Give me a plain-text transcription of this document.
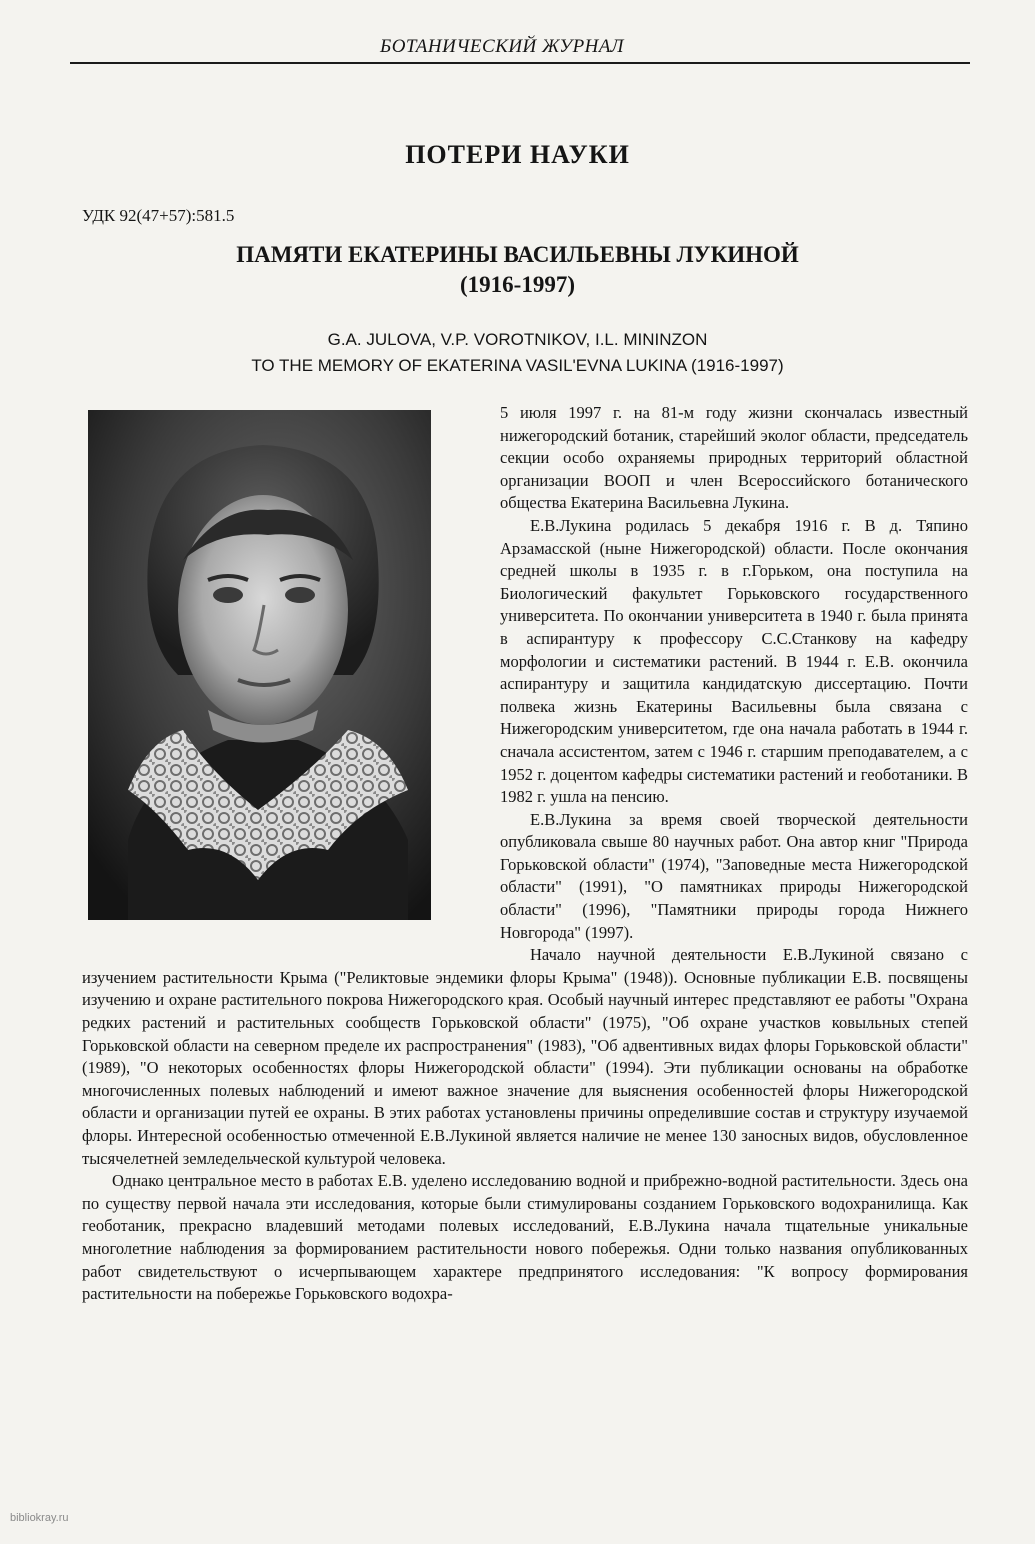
БОТАНИЧЕСКИЙ ЖУРНАЛ
ПОТЕРИ НАУКИ
УДК 92(47+57):581.5
ПАМЯТИ ЕКАТЕРИНЫ ВАСИЛЬЕВНЫ ЛУКИНОЙ
(1916-1997)
G.A. JULOVA, V.P. VOROTNIKOV, I.L. MININZON
TO THE MEMORY OF EKATERINA VASIL'EVNA LUKINA (1916-1997)

5 июля 1997 г. на 81-м году жизни скончалась известный нижегородский ботаник, старейший эколог области, председатель секции особо охраняемы природных территорий областной организации ВООП и член Всероссийского ботанического общества Екатерина Васильевна Лукина.

Е.В.Лукина родилась 5 декабря 1916 г. В д. Тяпино Арзамасской (ныне Нижегородской) области. После окончания средней школы в 1935 г. в г.Горьком, она поступила на Биологический факультет Горьковского государственного университета. По окончании университета в 1940 г. была принята в аспирантуру к профессору С.С.Станкову на кафедру морфологии и систематики растений. В 1944 г. Е.В. окончила аспирантуру и защитила кандидатскую диссертацию. Почти полвека жизнь Екатерины Васильевны была связана с Нижегородским университетом, где она начала работать в 1944 г. сначала ассистентом, затем с 1946 г. старшим преподавателем, а с 1952 г. доцентом кафедры систематики растений и геоботаники. В 1982 г. ушла на пенсию.

Е.В.Лукина за время своей творческой деятельности опубликовала свыше 80 научных работ. Она автор книг "Природа Горьковской области" (1974), "Заповедные места Нижегородской области" (1991), "О памятниках природы Нижегородской области" (1996), "Памятники природы города Нижнего Новгорода" (1997).

Начало научной деятельности Е.В.Лукиной связано с изучением растительности Крыма ("Реликтовые эндемики флоры Крыма" (1948)). Основные публикации Е.В. посвящены изучению и охране растительного покрова Нижегородского края. Особый научный интерес представляют ее работы "Охрана редких растений и растительных сообществ Горьковской области" (1975), "Об охране участков ковыльных степей Горьковской области на северном пределе их распространения" (1983), "Об адвентивных видах флоры Горьковской области" (1989), "О некоторых особенностях флоры Нижегородской области" (1994). Эти публикации основаны на обработке многочисленных полевых наблюдений и имеют важное значение для выяснения особенностей флоры Нижегородской области и организации путей ее охраны. В этих работах установлены причины определившие состав и структуру изучаемой флоры. Интересной особенностью отмеченной Е.В.Лукиной является наличие не менее 130 заносных видов, обусловленное тысячелетней земледельческой культурой человека.

Однако центральное место в работах Е.В. уделено исследованию водной и прибрежно-водной растительности. Здесь она по существу первой начала эти исследования, которые были стимулированы созданием Горьковского водохранилища. Как геоботаник, прекрасно владевший методами полевых исследований, Е.В.Лукина начала тщательные уникальные многолетние наблюдения за формированием растительности нового побережья. Одни только названия опубликованных работ свидетельствуют о исчерпывающем характере предпринятого исследования: "К вопросу формирования растительности на побережье Горьковского водохра-

bibliokray.ru
